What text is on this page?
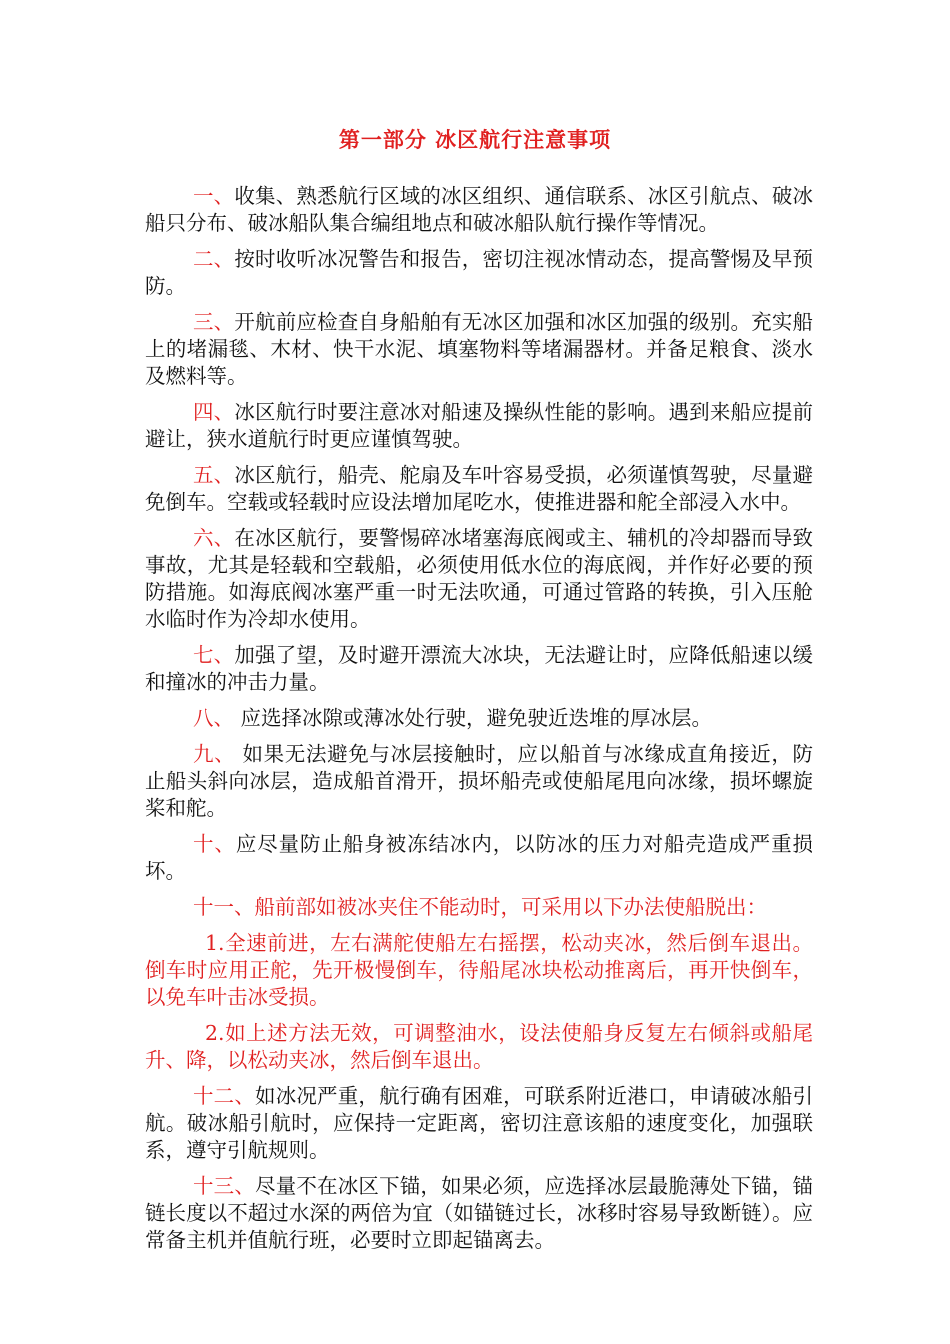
第一部分 冰区航行注意事项

一、收集、熟悉航行区域的冰区组织、通信联系、冰区引航点、破冰船只分布、破冰船队集合编组地点和破冰船队航行操作等情况。

二、按时收听冰况警告和报告，密切注视冰情动态，提高警惕及早预防。

三、开航前应检查自身船舶有无冰区加强和冰区加强的级别。充实船上的堵漏毯、木材、快干水泥、填塞物料等堵漏器材。并备足粮食、淡水及燃料等。

四、冰区航行时要注意冰对船速及操纵性能的影响。遇到来船应提前避让，狭水道航行时更应谨慎驾驶。

五、冰区航行，船壳、舵扇及车叶容易受损，必须谨慎驾驶，尽量避免倒车。空载或轻载时应设法增加尾吃水，使推进器和舵全部浸入水中。

六、在冰区航行，要警惕碎冰堵塞海底阀或主、辅机的冷却器而导致事故，尤其是轻载和空载船，必须使用低水位的海底阀，并作好必要的预防措施。如海底阀冰塞严重一时无法吹通，可通过管路的转换，引入压舱水临时作为冷却水使用。

七、加强了望，及时避开漂流大冰块，无法避让时，应降低船速以缓和撞冰的冲击力量。

八、 应选择冰隙或薄冰处行驶，避免驶近迭堆的厚冰层。

九、 如果无法避免与冰层接触时，应以船首与冰缘成直角接近，防止船头斜向冰层，造成船首滑开，损坏船壳或使船尾甩向冰缘，损坏螺旋桨和舵。

十、应尽量防止船身被冻结冰内，以防冰的压力对船壳造成严重损坏。

十一、船前部如被冰夹住不能动时，可采用以下办法使船脱出：

1.全速前进，左右满舵使船左右摇摆，松动夹冰，然后倒车退出。倒车时应用正舵，先开极慢倒车，待船尾冰块松动推离后，再开快倒车，以免车叶击冰受损。

2.如上述方法无效，可调整油水，设法使船身反复左右倾斜或船尾升、降，以松动夹冰，然后倒车退出。

十二、如冰况严重，航行确有困难，可联系附近港口，申请破冰船引航。破冰船引航时，应保持一定距离，密切注意该船的速度变化，加强联系，遵守引航规则。

十三、尽量不在冰区下锚，如果必须，应选择冰层最脆薄处下锚，锚链长度以不超过水深的两倍为宜（如锚链过长，冰移时容易导致断链）。应常备主机并值航行班，必要时立即起锚离去。
